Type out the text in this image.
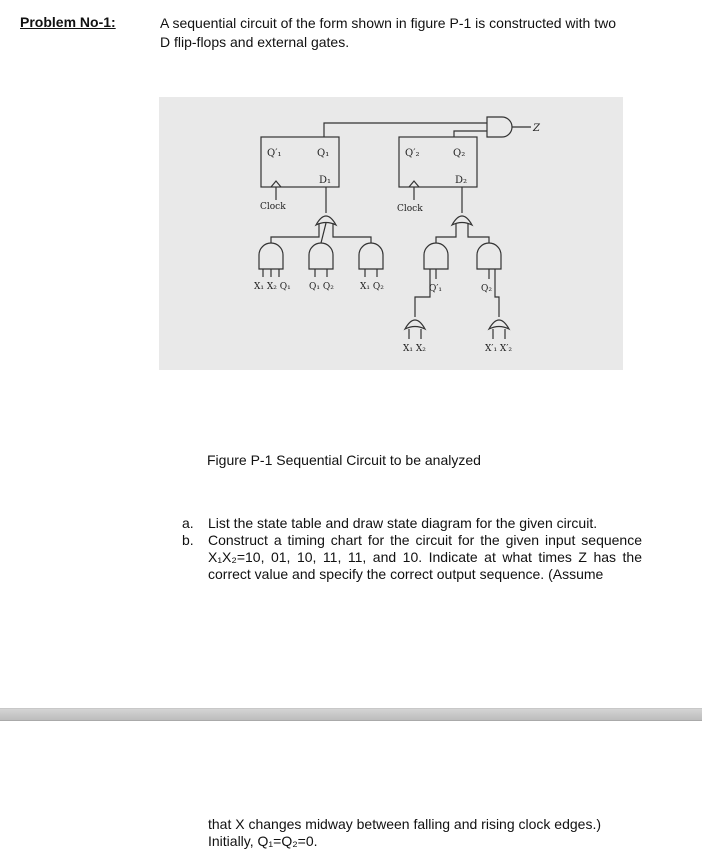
Problem No-1:	A sequential circuit of the form shown in figure P-1 is constructed with two
D flip-flops and external gates.
Q′₁	Q₁
D₁
Q′₂	Q₂
D₂
Z
Clock	Clock
X₁ X₂ Q₁ Q₁ Q₂	X₁ Q₂	Q′₁	Q₂
X₁ X₂	X′₁ X′₂
Figure P-1 Sequential Circuit to be analyzed
a. List the state table and draw state diagram for the given circuit.
b. Construct a timing chart for the circuit for the given input sequence X₁X₂=10, 01, 10, 11, 11, and 10. Indicate at what times Z has the correct value and specify the correct output sequence. (Assume
that X changes midway between falling and rising clock edges.)
Initially, Q₁=Q₂=0.
